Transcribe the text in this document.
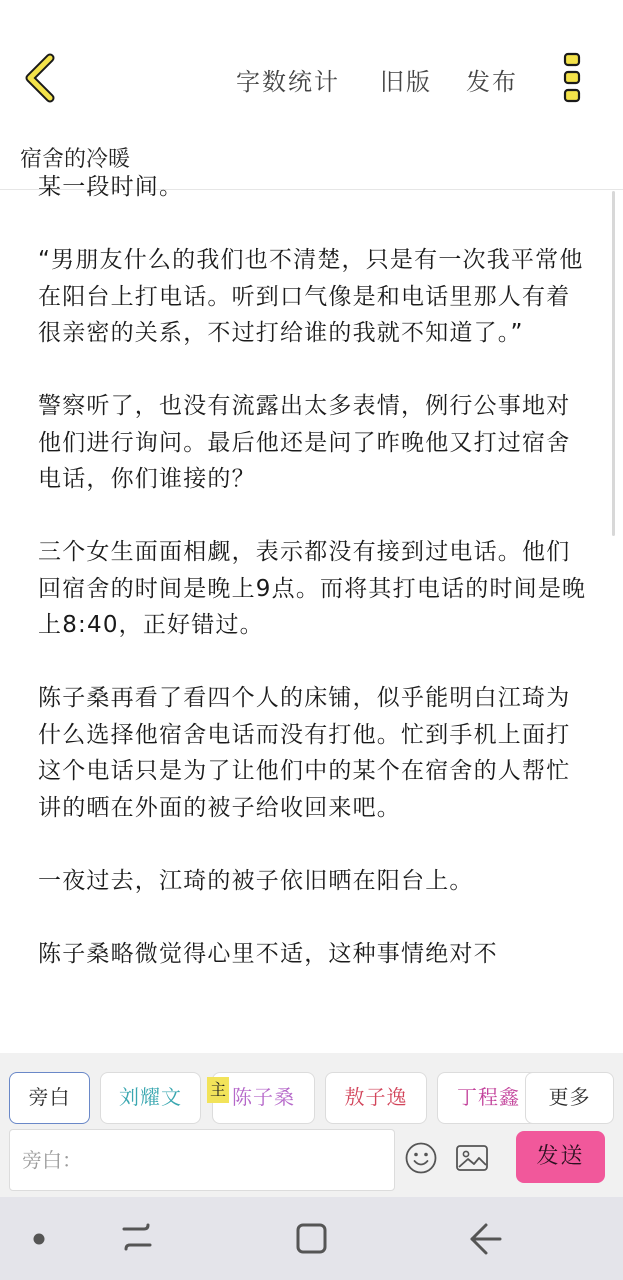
字数统计 旧版 发布
宿舍的冷暖

某一段时间。

“男朋友什么的我们也不清楚，只是有一次我平常他在阳台上打电话。听到口气像是和电话里那人有着很亲密的关系，不过打给谁的我就不知道了。”

警察听了，也没有流露出太多表情，例行公事地对他们进行询问。最后他还是问了昨晚他又打过宿舍电话，你们谁接的？

三个女生面面相觑，表示都没有接到过电话。他们回宿舍的时间是晚上9点。而将其打电话的时间是晚上8:40，正好错过。

陈子桑再看了看四个人的床铺，似乎能明白江琦为什么选择他宿舍电话而没有打他。忙到手机上面打这个电话只是为了让他们中的某个在宿舍的人帮忙讲的晒在外面的被子给收回来吧。

一夜过去，江琦的被子依旧晒在阳台上。

陈子桑略微觉得心里不适，这种事情绝对不

旁白	刘耀文	陈子桑
主	敖子逸	丁程鑫	更多
旁白：	发送
